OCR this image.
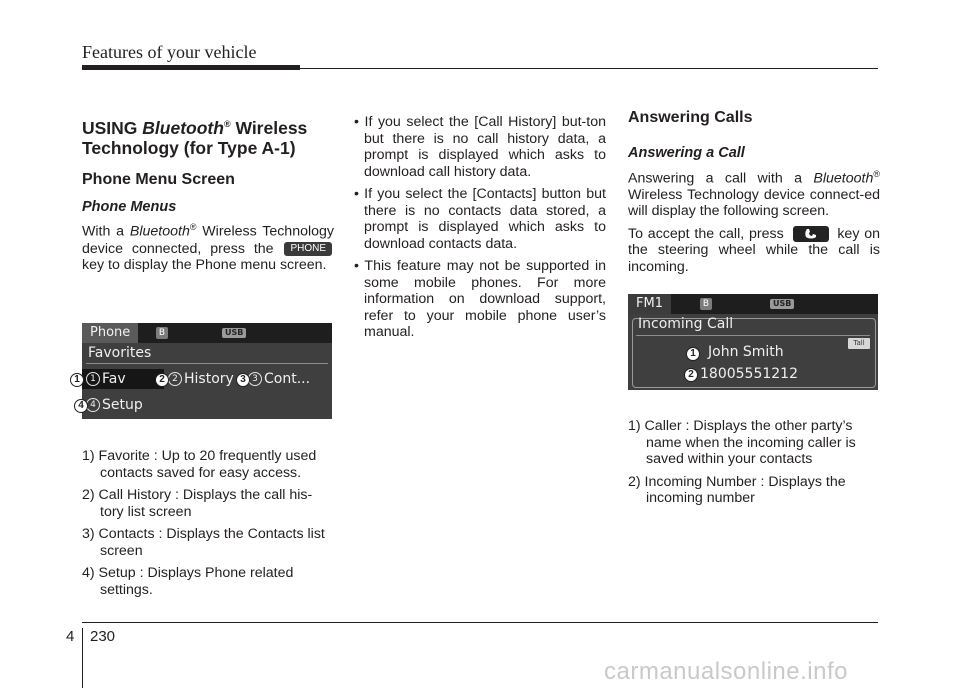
Features of your vehicle
USING Bluetooth® Wireless
Technology (for Type A-1)
Phone Menu Screen
Phone Menus

With a Bluetooth® Wireless Technology device connected, press the PHONE key to display the Phone menu screen.

1) Favorite : Up to 20 frequently used contacts saved for easy access.
2) Call History : Displays the call his-tory list screen
3) Contacts : Displays the Contacts list screen
4) Setup : Displays Phone related settings.
Phone	B	USB
Favorites
1 Fav	2 History	3 Cont...
4 Setup
1	2	3
4
• If you select the [Call History] but-ton but there is no call history data, a prompt is displayed which asks to download call history data.
• If you select the [Contacts] button but there is no contacts data stored, a prompt is displayed which asks to download contacts data.
• This feature may not be supported in some mobile phones. For more information on download support, refer to your mobile phone user’s manual.
Answering Calls
Answering a Call

Answering a call with a Bluetooth® Wireless Technology device connect-ed will display the following screen.

To accept the call, press	key on the steering wheel while the call is incoming.

1) Caller : Displays the other party’s name when the incoming caller is saved within your contacts
2) Incoming Number : Displays the incoming number
FM1	B	USB
Incoming Call
Tall
John Smith
18005551212
1
2
4 230
carmanualsonline.info
